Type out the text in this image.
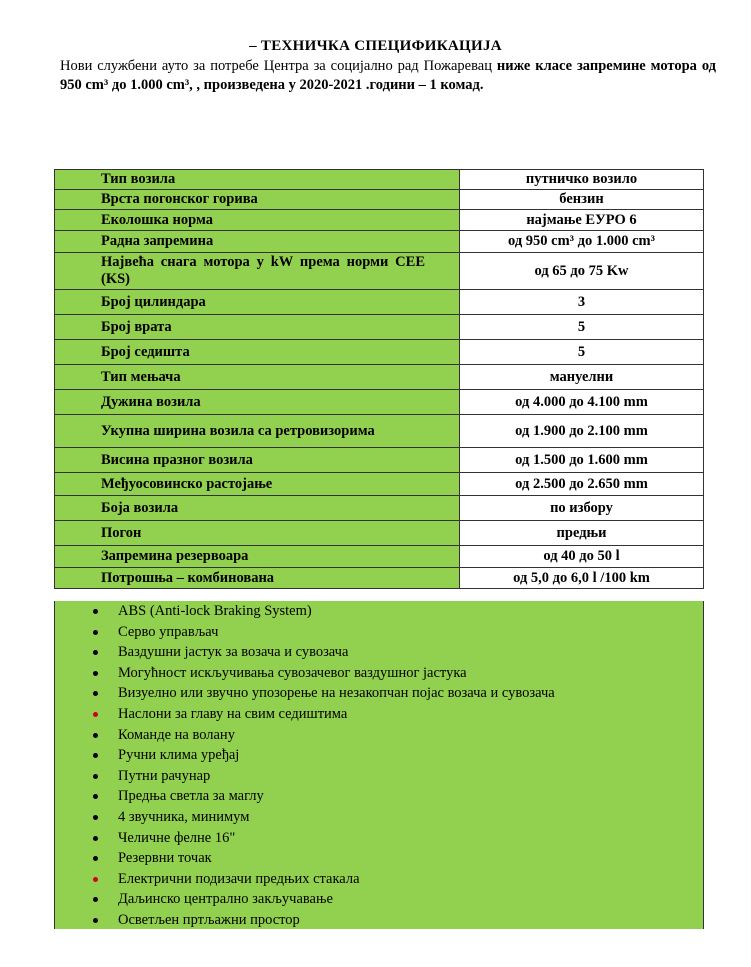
– ТЕХНИЧКА СПЕЦИФИКАЦИЈА
Нови службени ауто за потребе Центра за социјално рад Пожаревац ниже класе запремине мотора од 950 cm³ до 1.000 cm³, , произведена у 2020-2021 .години – 1 комад.
Тип возила	путничко возило
Врста погонског горива	бензин
Еколошка норма	најмање ЕУРО 6
Радна запремина	од 950 cm³ до 1.000 cm³
Највећа снага мотора у kW према норми CEE (KS)	од 65 до 75 Kw
Број цилиндара	3
Број врата	5
Број седишта	5
Тип мењача	мануелни
Дужина возила	од 4.000 до 4.100 mm
Укупна ширина возила са ретровизорима	од 1.900 до 2.100 mm
Висина празног возила	од 1.500 до 1.600 mm
Међуосовинско растојање	од 2.500 до 2.650 mm
Боја возила	по избору
Погон	предњи
Запремина резервоара	од 40 до 50 l
Потрошња – комбинована	од 5,0 до 6,0 l /100 km
ABS (Anti-lock Braking System)
Серво управљач
Ваздушни јастук за возача и сувозача
Могућност искључивања сувозачевог ваздушног јастука
Визуелно или звучно упозорење на незакопчан појас возача и сувозача
Наслони за главу на свим седиштима
Команде на волану
Ручни клима уређај
Путни рачунар
Предња светла за маглу
4 звучника, минимум
Челичне фелне 16"
Резервни точак
Електрични подизачи предњих стакала
Даљинско централно закључавање
Осветљен пртљажни простор
